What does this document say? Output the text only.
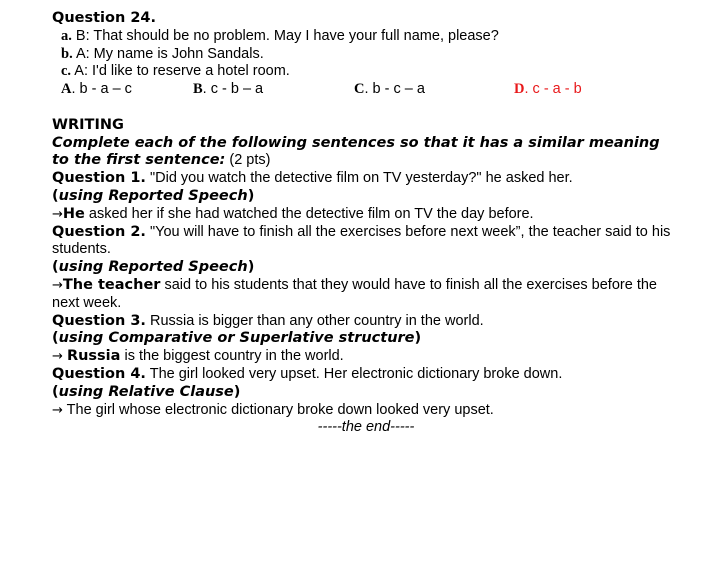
Question 24.
a. B: That should be no problem. May I have your full name, please?
b. A: My name is John Sandals.
c. A: I'd like to reserve a hotel room.
A. b - a – c	B. c - b – a	C. b - c – a	D. c - a - b
WRITING
Complete each of the following sentences so that it has a similar meaning to the first sentence: (2 pts)
Question 1. "Did you watch the detective film on TV yesterday?" he asked her.
(using Reported Speech)
→He asked her if she had watched the detective film on TV the day before.
Question 2. "You will have to finish all the exercises before next week”, the teacher said to his students.
(using Reported Speech)
→The teacher said to his students that they would have to finish all the exercises before the next week.
Question 3. Russia is bigger than any other country in the world.
(using Comparative or Superlative structure)
→ Russia is the biggest country in the world.
Question 4. The girl looked very upset. Her electronic dictionary broke down.
(using Relative Clause)
→ The girl whose electronic dictionary broke down looked very upset.
-----the end-----
